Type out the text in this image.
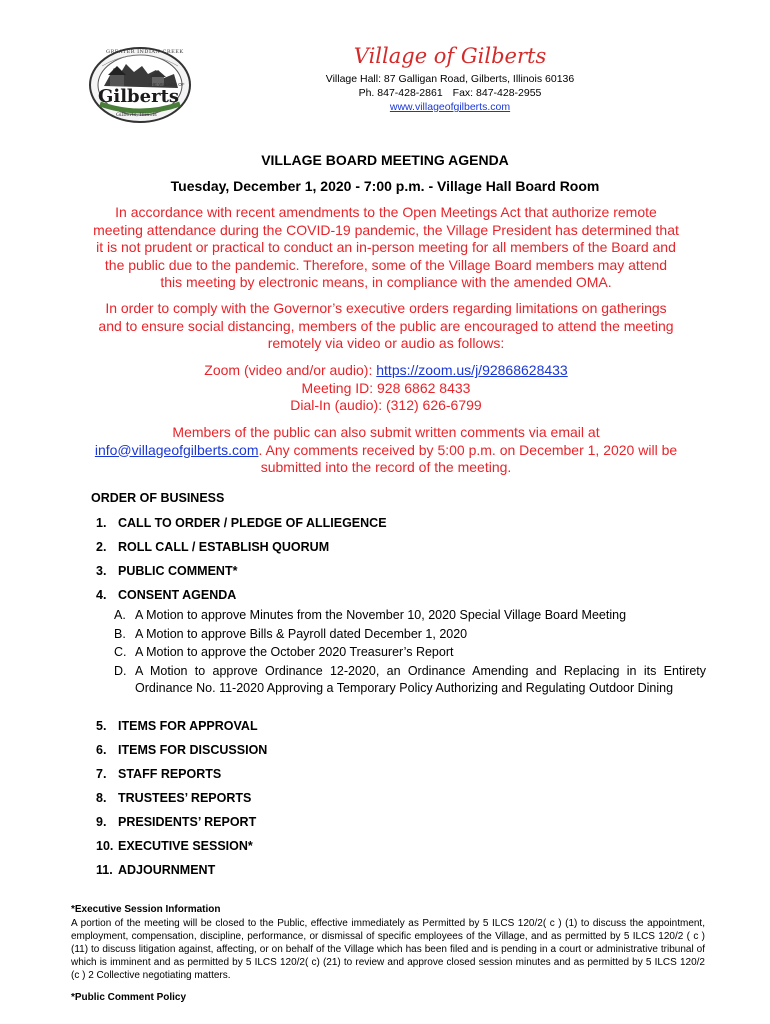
GREATER INDIAN CREEK
THE VILLAGE OF
Gilberts
Gilberts, Illinois
Village of Gilberts
Village Hall: 87 Galligan Road, Gilberts, Illinois 60136
Ph. 847-428-2861 Fax: 847-428-2955
www.villageofgilberts.com
VILLAGE BOARD MEETING AGENDA
Tuesday, December 1, 2020 - 7:00 p.m. - Village Hall Board Room
In accordance with recent amendments to the Open Meetings Act that authorize remote
meeting attendance during the COVID-19 pandemic, the Village President has determined that
it is not prudent or practical to conduct an in-person meeting for all members of the Board and
the public due to the pandemic. Therefore, some of the Village Board members may attend
this meeting by electronic means, in compliance with the amended OMA.
In order to comply with the Governor’s executive orders regarding limitations on gatherings
and to ensure social distancing, members of the public are encouraged to attend the meeting
remotely via video or audio as follows:
Zoom (video and/or audio): https://zoom.us/j/92868628433
Meeting ID: 928 6862 8433
Dial-In (audio): (312) 626-6799
Members of the public can also submit written comments via email at
info@villageofgilberts.com. Any comments received by 5:00 p.m. on December 1, 2020 will be
submitted into the record of the meeting.
ORDER OF BUSINESS
1. CALL TO ORDER / PLEDGE OF ALLIEGENCE
2. ROLL CALL / ESTABLISH QUORUM
3. PUBLIC COMMENT*
4. CONSENT AGENDA
A. A Motion to approve Minutes from the November 10, 2020 Special Village Board Meeting
B. A Motion to approve Bills & Payroll dated December 1, 2020
C. A Motion to approve the October 2020 Treasurer’s Report
D. A Motion to approve Ordinance 12-2020, an Ordinance Amending and Replacing in its Entirety Ordinance No. 11-2020 Approving a Temporary Policy Authorizing and Regulating Outdoor Dining
5. ITEMS FOR APPROVAL
6. ITEMS FOR DISCUSSION
7. STAFF REPORTS
8. TRUSTEES’ REPORTS
9. PRESIDENTS’ REPORT
10. EXECUTIVE SESSION*
11. ADJOURNMENT
*Executive Session Information
A portion of the meeting will be closed to the Public, effective immediately as Permitted by 5 ILCS 120/2( c ) (1) to discuss the appointment, employment, compensation, discipline, performance, or dismissal of specific employees of the Village, and as permitted by 5 ILCS 120/2 ( c ) (11) to discuss litigation against, affecting, or on behalf of the Village which has been filed and is pending in a court or administrative tribunal of which is imminent and as permitted by 5 ILCS 120/2( c) (21) to review and approve closed session minutes and as permitted by 5 ILCS 120/2 (c ) 2 Collective negotiating matters.
*Public Comment Policy
